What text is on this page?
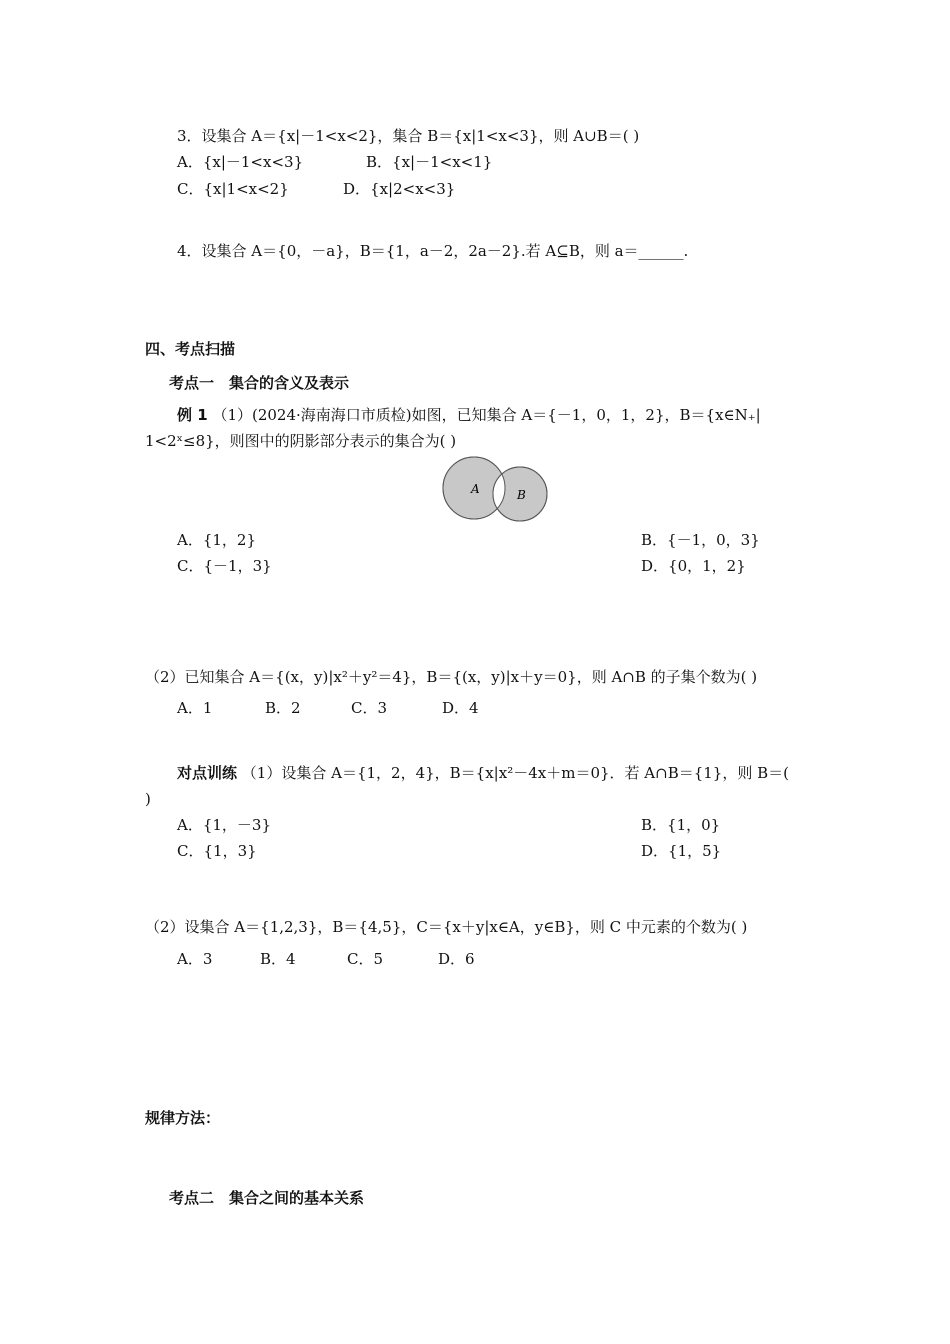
3．设集合 A＝{x|－1<x<2}，集合 B＝{x|1<x<3}，则 A∪B＝( )
A．{x|－1<x<3}	B．{x|－1<x<1}
C．{x|1<x<2}	D．{x|2<x<3}
4．设集合 A＝{0，－a}，B＝{1，a－2，2a－2}.若 A⊆B，则 a＝______.
四、考点扫描
考点一　集合的含义及表示
例 1 （1）(2024·海南海口市质检)如图，已知集合 A＝{－1，0，1，2}，B＝{x∈N₊|
1<2ˣ≤8}，则图中的阴影部分表示的集合为( )
A	B
A．{1，2}	B．{－1，0，3}
C．{－1，3}	D．{0，1，2}
（2）已知集合 A＝{(x，y)|x²＋y²＝4}，B＝{(x，y)|x＋y＝0}，则 A∩B 的子集个数为( )
A．1	B．2	C．3	D．4
对点训练 （1）设集合 A＝{1，2，4}，B＝{x|x²－4x＋m＝0}．若 A∩B＝{1}，则 B＝(
)
A．{1，－3}	B．{1，0}
C．{1，3}	D．{1，5}
（2）设集合 A＝{1,2,3}，B＝{4,5}，C＝{x＋y|x∈A，y∈B}，则 C 中元素的个数为( )
A．3	B．4	C．5	D．6
规律方法：
考点二　集合之间的基本关系
